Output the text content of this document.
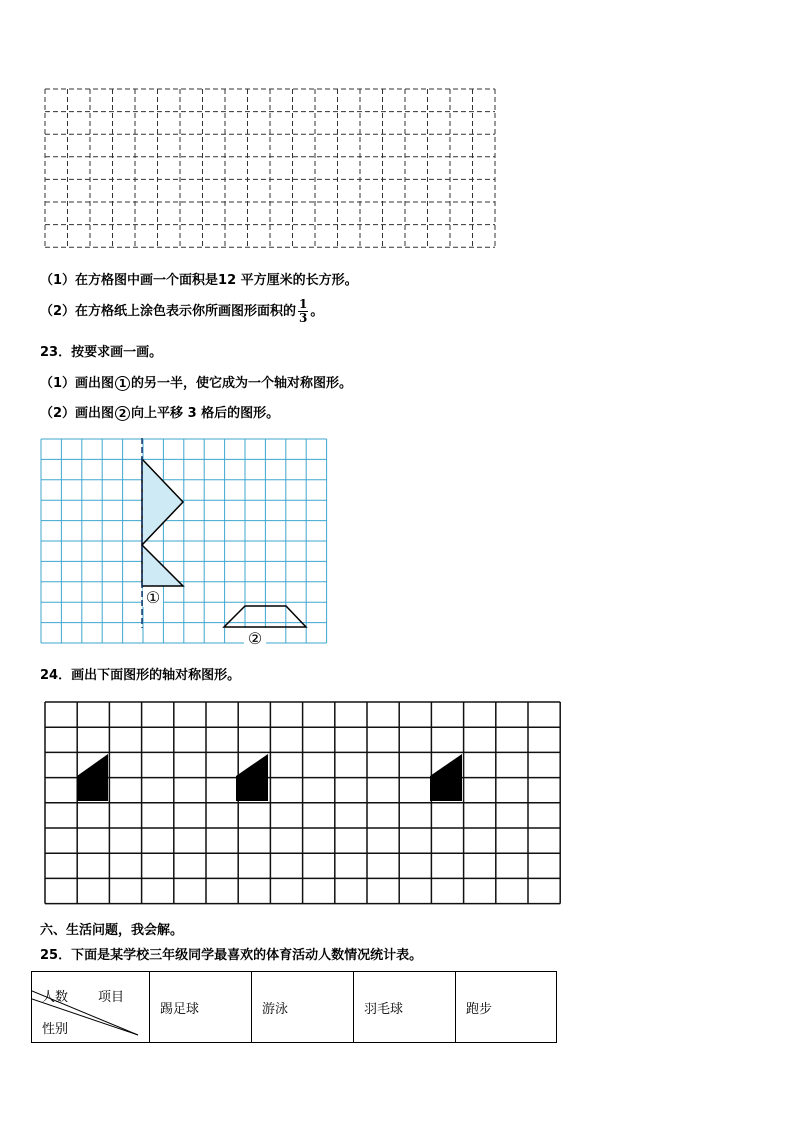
（1）在方格图中画一个面积是12 平方厘米的长方形。
（2）在方格纸上涂色表示你所画图形面积的 $\frac{1}{3}$ 。
23．按要求画一画。
（1）画出图 1 的另一半，使它成为一个轴对称图形。
（2）画出图 2 向上平移 3 格后的图形。
①
②
24．画出下面图形的轴对称图形。
六、生活问题，我会解。
25．下面是某学校三年级同学最喜欢的体育活动人数情况统计表。
人数 项目
性别
	踢足球	游泳	羽毛球	跑步
